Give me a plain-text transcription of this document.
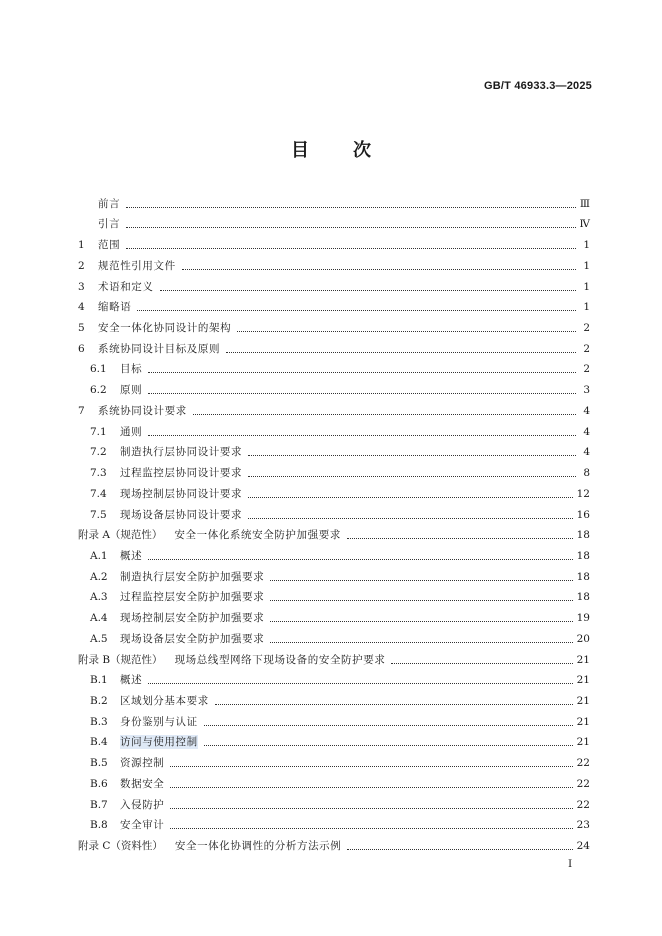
GB/T 46933.3—2025
目 次
前言	Ⅲ
引言	Ⅳ
1	范围	1
2	规范性引用文件	1
3	术语和定义	1
4	缩略语	1
5	安全一体化协同设计的架构	2
6	系统协同设计目标及原则	2
6.1	目标	2
6.2	原则	3
7	系统协同设计要求	4
7.1	通则	4
7.2	制造执行层协同设计要求	4
7.3	过程监控层协同设计要求	8
7.4	现场控制层协同设计要求	12
7.5	现场设备层协同设计要求	16
附录 A（规范性） 安全一体化系统安全防护加强要求	18
A.1	概述	18
A.2	制造执行层安全防护加强要求	18
A.3	过程监控层安全防护加强要求	18
A.4	现场控制层安全防护加强要求	19
A.5	现场设备层安全防护加强要求	20
附录 B（规范性） 现场总线型网络下现场设备的安全防护要求	21
B.1	概述	21
B.2	区域划分基本要求	21
B.3	身份鉴别与认证	21
B.4	访问与使用控制	21
B.5	资源控制	22
B.6	数据安全	22
B.7	入侵防护	22
B.8	安全审计	23
附录 C（资料性） 安全一体化协调性的分析方法示例	24
I
